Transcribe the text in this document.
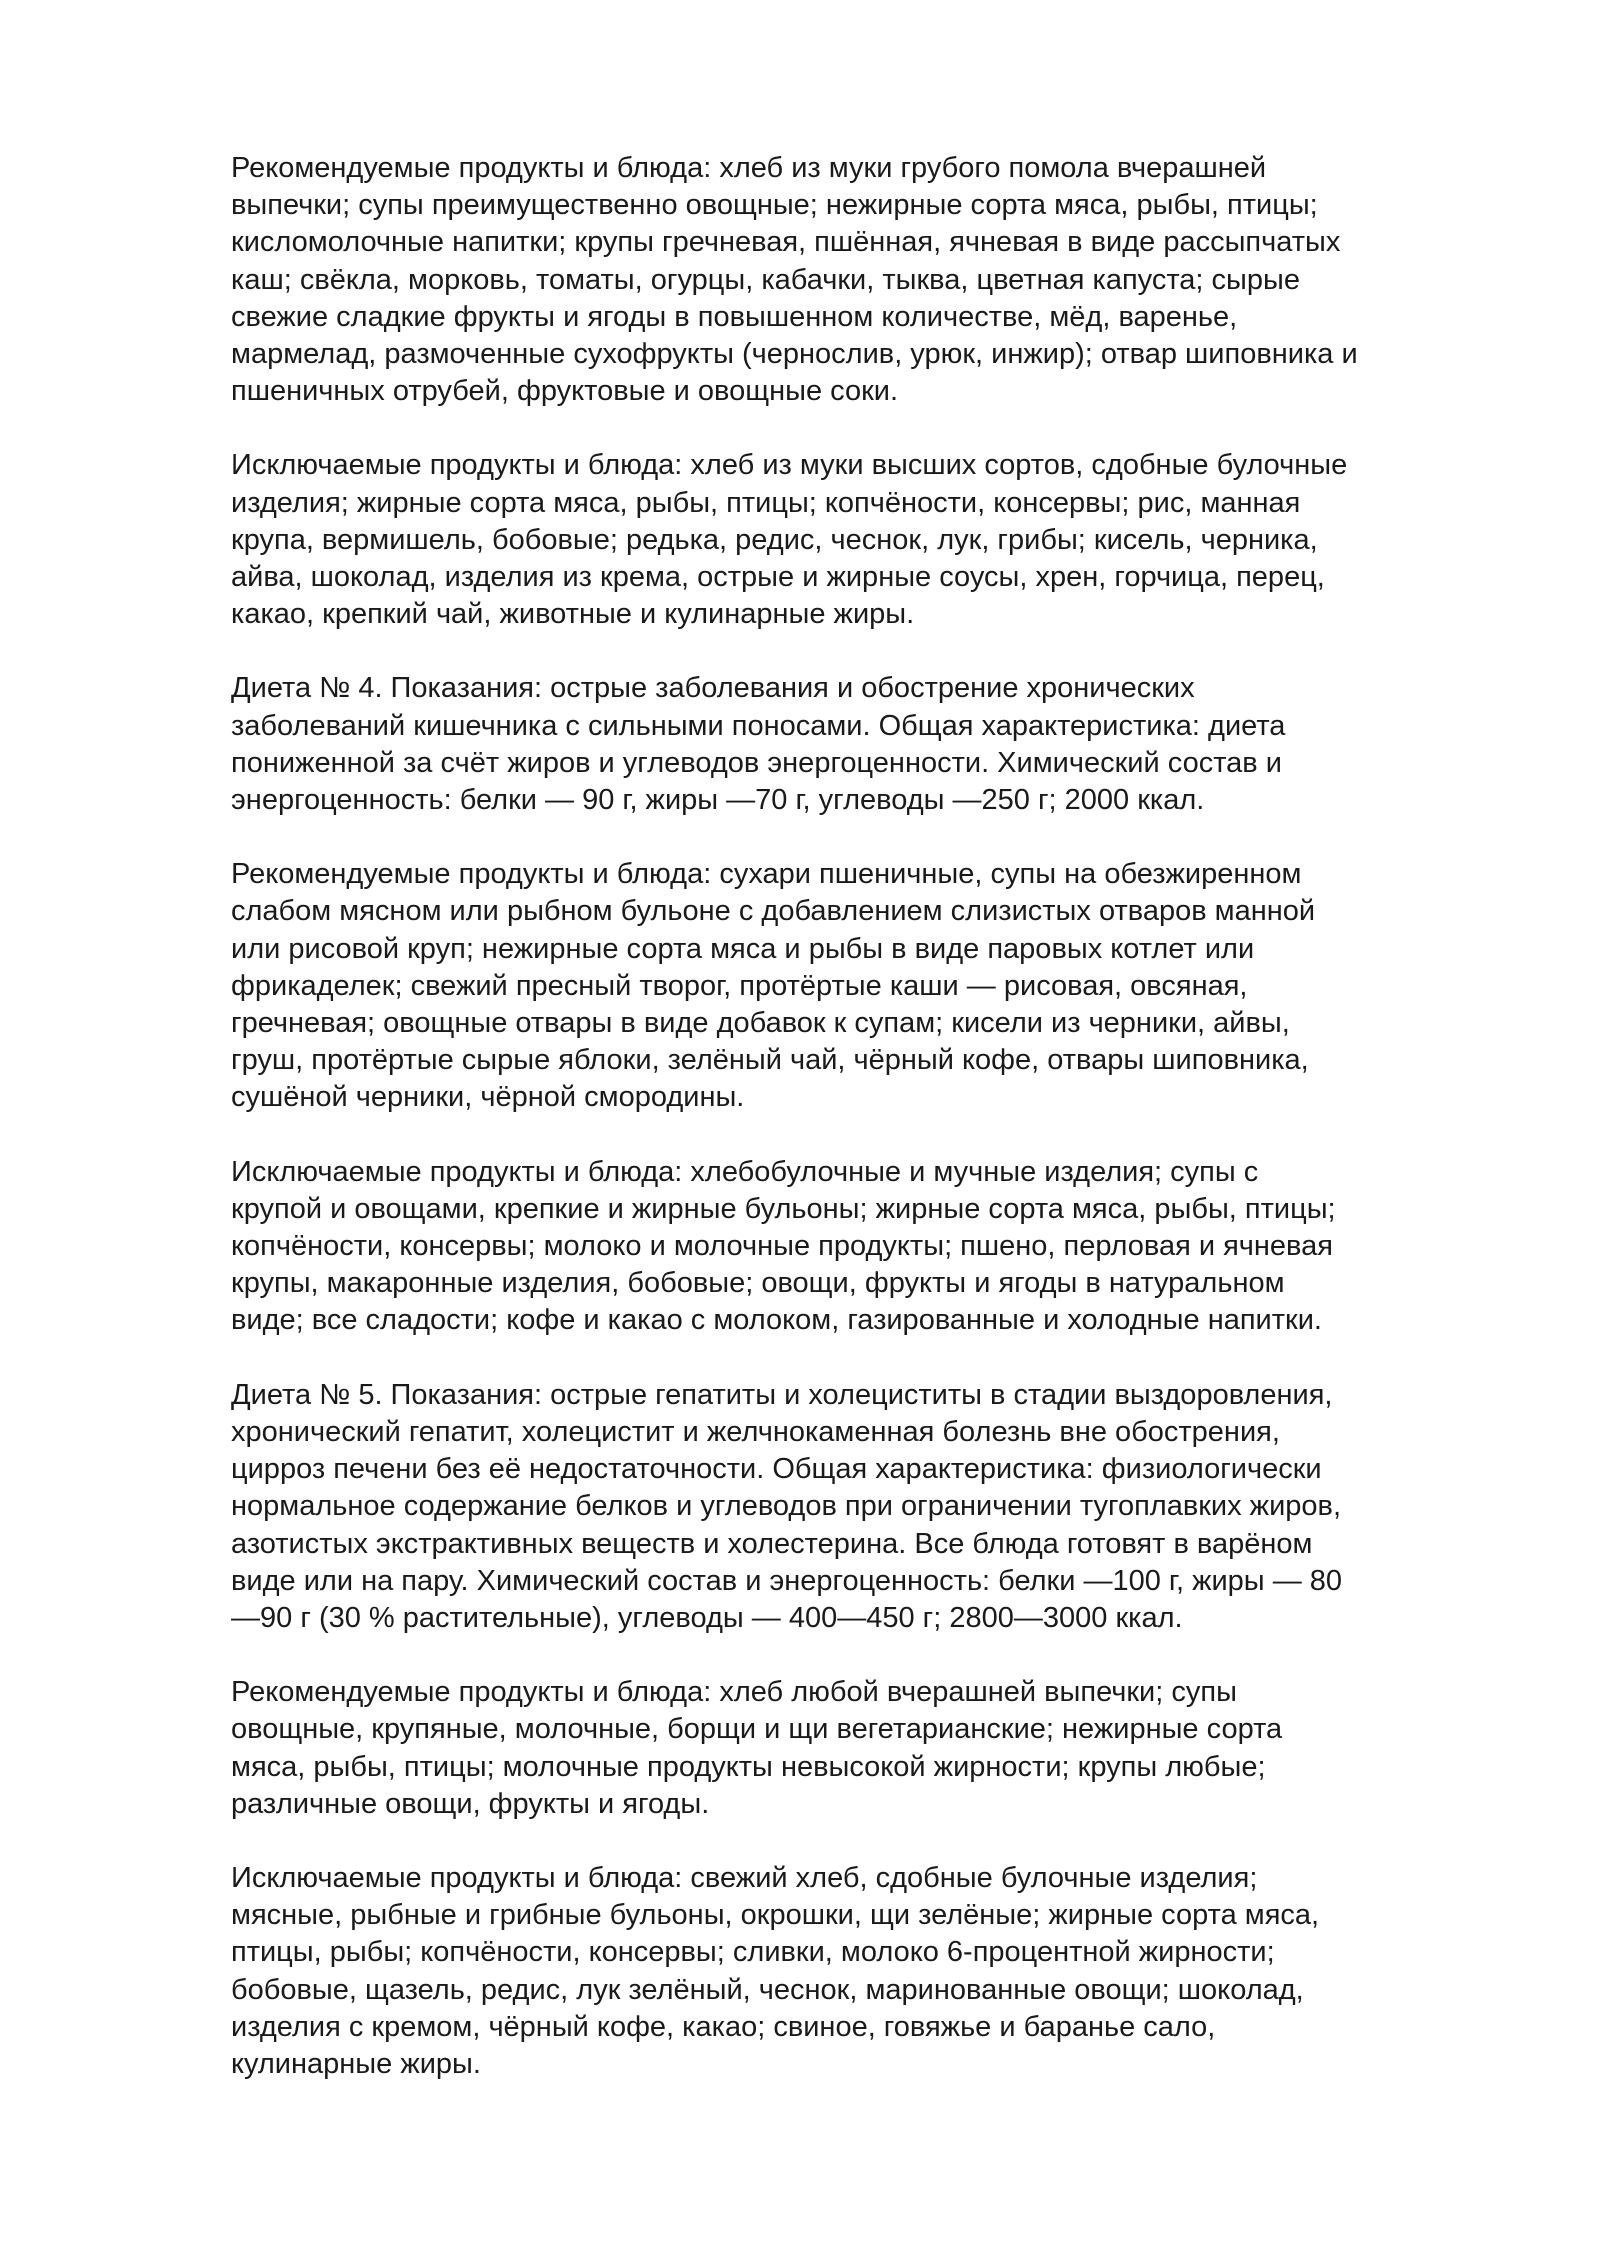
Рекомендуемые продукты и блюда: хлеб из муки грубого помола вчерашней
выпечки; супы преимущественно овощные; нежирные сорта мяса, рыбы, птицы;
кисломолочные напитки; крупы гречневая, пшённая, ячневая в виде рассыпчатых
каш; свёкла, морковь, томаты, огурцы, кабачки, тыква, цветная капуста; сырые
свежие сладкие фрукты и ягоды в повышенном количестве, мёд, варенье,
мармелад, размоченные сухофрукты (чернослив, урюк, инжир); отвар шиповника и
пшеничных отрубей, фруктовые и овощные соки.

Исключаемые продукты и блюда: хлеб из муки высших сортов, сдобные булочные
изделия; жирные сорта мяса, рыбы, птицы; копчёности, консервы; рис, манная
крупа, вермишель, бобовые; редька, редис, чеснок, лук, грибы; кисель, черника,
айва, шоколад, изделия из крема, острые и жирные соусы, хрен, горчица, перец,
какао, крепкий чай, животные и кулинарные жиры.

Диета № 4. Показания: острые заболевания и обострение хронических
заболеваний кишечника с сильными поносами. Общая характеристика: диета
пониженной за счёт жиров и углеводов энергоценности. Химический состав и
энергоценность: белки — 90 г, жиры —70 г, углеводы —250 г; 2000 ккал.

Рекомендуемые продукты и блюда: сухари пшеничные, супы на обезжиренном
слабом мясном или рыбном бульоне с добавлением слизистых отваров манной
или рисовой круп; нежирные сорта мяса и рыбы в виде паровых котлет или
фрикаделек; свежий пресный творог, протёртые каши — рисовая, овсяная,
гречневая; овощные отвары в виде добавок к супам; кисели из черники, айвы,
груш, протёртые сырые яблоки, зелёный чай, чёрный кофе, отвары шиповника,
сушёной черники, чёрной смородины.

Исключаемые продукты и блюда: хлебобулочные и мучные изделия; супы с
крупой и овощами, крепкие и жирные бульоны; жирные сорта мяса, рыбы, птицы;
копчёности, консервы; молоко и молочные продукты; пшено, перловая и ячневая
крупы, макаронные изделия, бобовые; овощи, фрукты и ягоды в натуральном
виде; все сладости; кофе и какао с молоком, газированные и холодные напитки.

Диета № 5. Показания: острые гепатиты и холециститы в стадии выздоровления,
хронический гепатит, холецистит и желчнокаменная болезнь вне обострения,
цирроз печени без её недостаточности. Общая характеристика: физиологически
нормальное содержание белков и углеводов при ограничении тугоплавких жиров,
азотистых экстрактивных веществ и холестерина. Все блюда готовят в варёном
виде или на пару. Химический состав и энергоценность: белки —100 г, жиры — 80
—90 г (30 % растительные), углеводы — 400—450 г; 2800—3000 ккал.

Рекомендуемые продукты и блюда: хлеб любой вчерашней выпечки; супы
овощные, крупяные, молочные, борщи и щи вегетарианские; нежирные сорта
мяса, рыбы, птицы; молочные продукты невысокой жирности; крупы любые;
различные овощи, фрукты и ягоды.

Исключаемые продукты и блюда: свежий хлеб, сдобные булочные изделия;
мясные, рыбные и грибные бульоны, окрошки, щи зелёные; жирные сорта мяса,
птицы, рыбы; копчёности, консервы; сливки, молоко 6-процентной жирности;
бобовые, щазель, редис, лук зелёный, чеснок, маринованные овощи; шоколад,
изделия с кремом, чёрный кофе, какао; свиное, говяжье и баранье сало,
кулинарные жиры.
